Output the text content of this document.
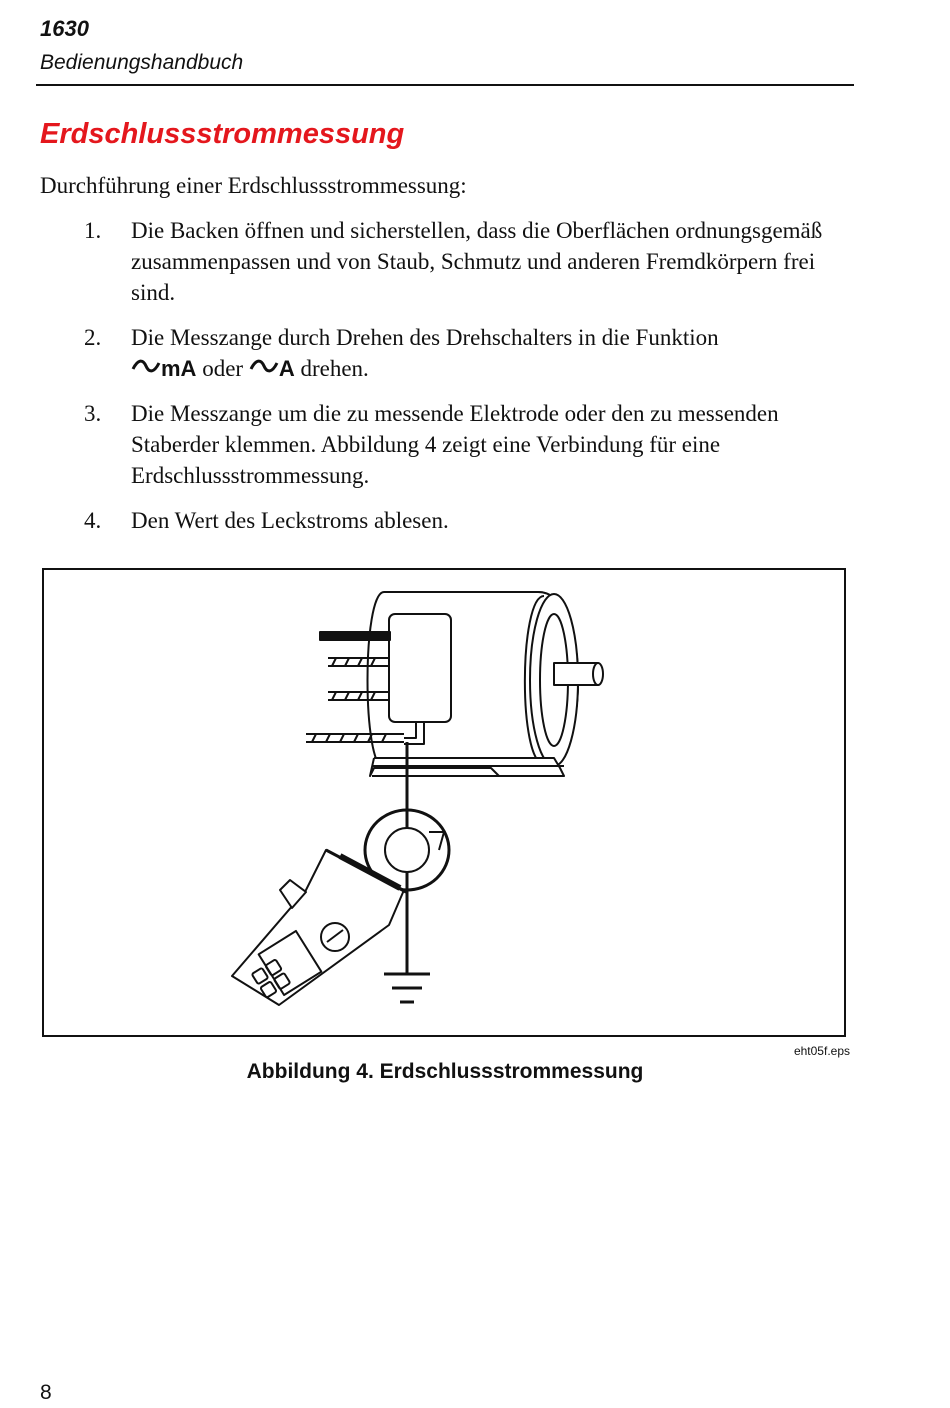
1630
Bedienungshandbuch
Erdschlussstrommessung
Durchführung einer Erdschlussstrommessung:
1. Die Backen öffnen und sicherstellen, dass die Oberflächen ordnungsgemäß zusammenpassen und von Staub, Schmutz und anderen Fremdkörpern frei sind.
2. Die Messzange durch Drehen des Drehschalters in die Funktion
mA oder A drehen.
3. Die Messzange um die zu messende Elektrode oder den zu messenden Staberder klemmen. Abbildung 4 zeigt eine Verbindung für eine Erdschlussstrommessung.
4. Den Wert des Leckstroms ablesen.
FLUKE
eht05f.eps
Abbildung 4. Erdschlussstrommessung
8
